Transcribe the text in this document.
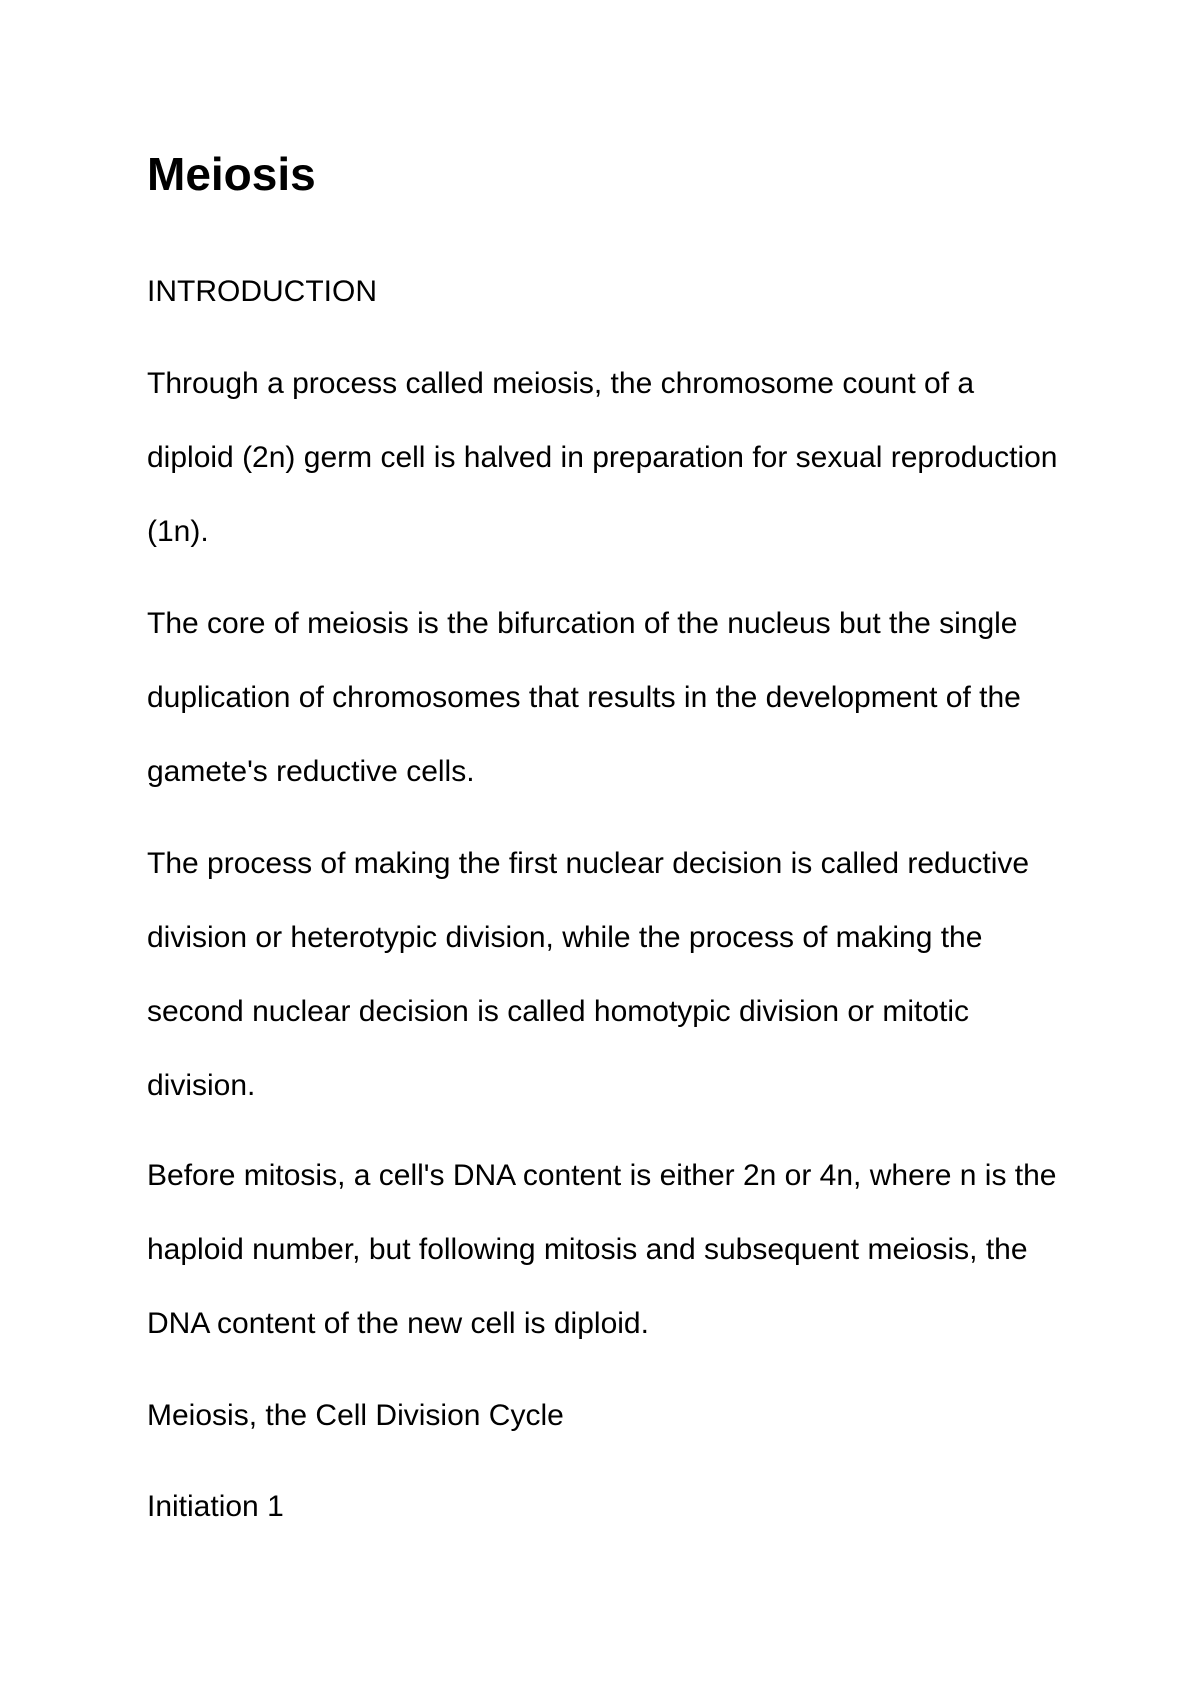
Meiosis

INTRODUCTION

Through a process called meiosis, the chromosome count of a diploid (2n) germ cell is halved in preparation for sexual reproduction (1n).

The core of meiosis is the bifurcation of the nucleus but the single duplication of chromosomes that results in the development of the gamete's reductive cells.

The process of making the first nuclear decision is called reductive division or heterotypic division, while the process of making the second nuclear decision is called homotypic division or mitotic division.

Before mitosis, a cell's DNA content is either 2n or 4n, where n is the haploid number, but following mitosis and subsequent meiosis, the DNA content of the new cell is diploid.

Meiosis, the Cell Division Cycle

Initiation 1
